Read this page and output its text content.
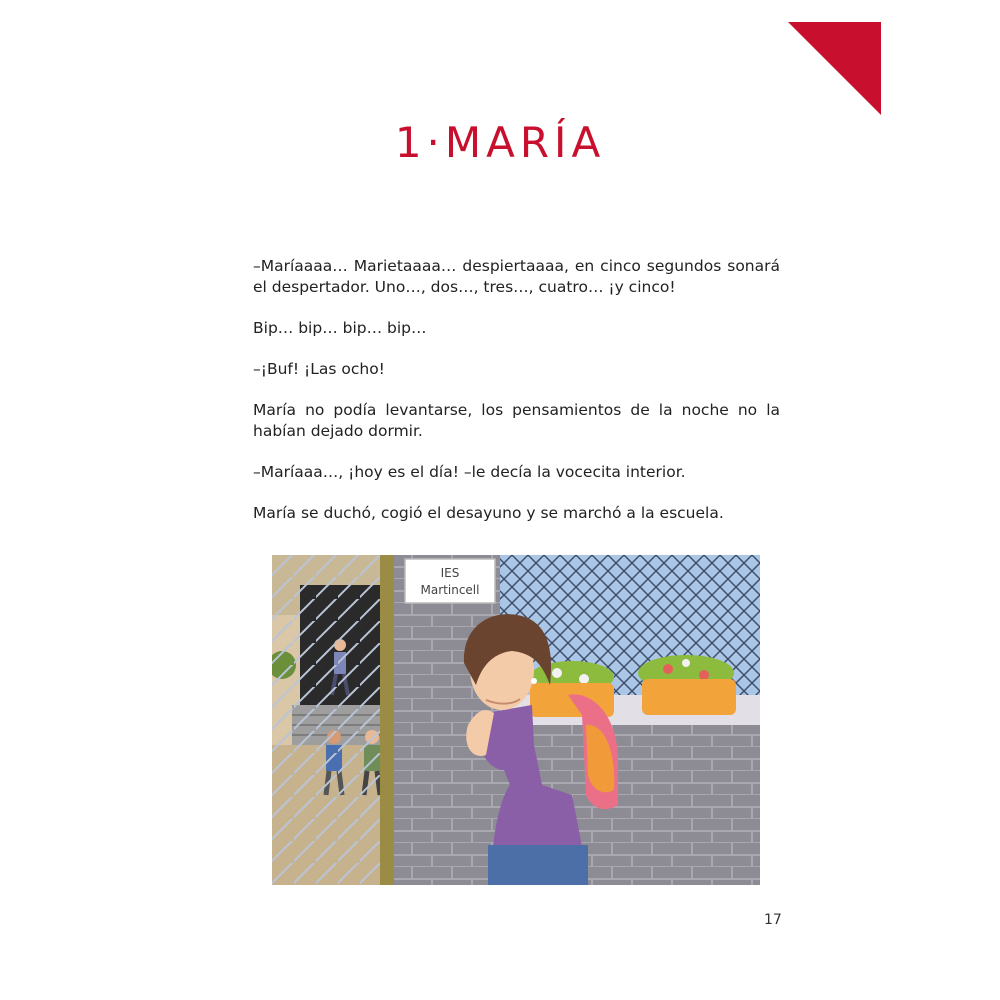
1·MARÍA

–Maríaaaa… Marietaaaa… despiertaaaa, en cinco segundos sonará el despertador. Uno…, dos…, tres…, cuatro… ¡y cinco!

Bip… bip… bip… bip…

–¡Buf! ¡Las ocho!

María no podía levantarse, los pensamientos de la noche no la habían dejado dormir.

–Maríaaa…, ¡hoy es el día! –le decía la vocecita interior.

María se duchó, cogió el desayuno y se marchó a la escuela.

IES
Martincell
17
